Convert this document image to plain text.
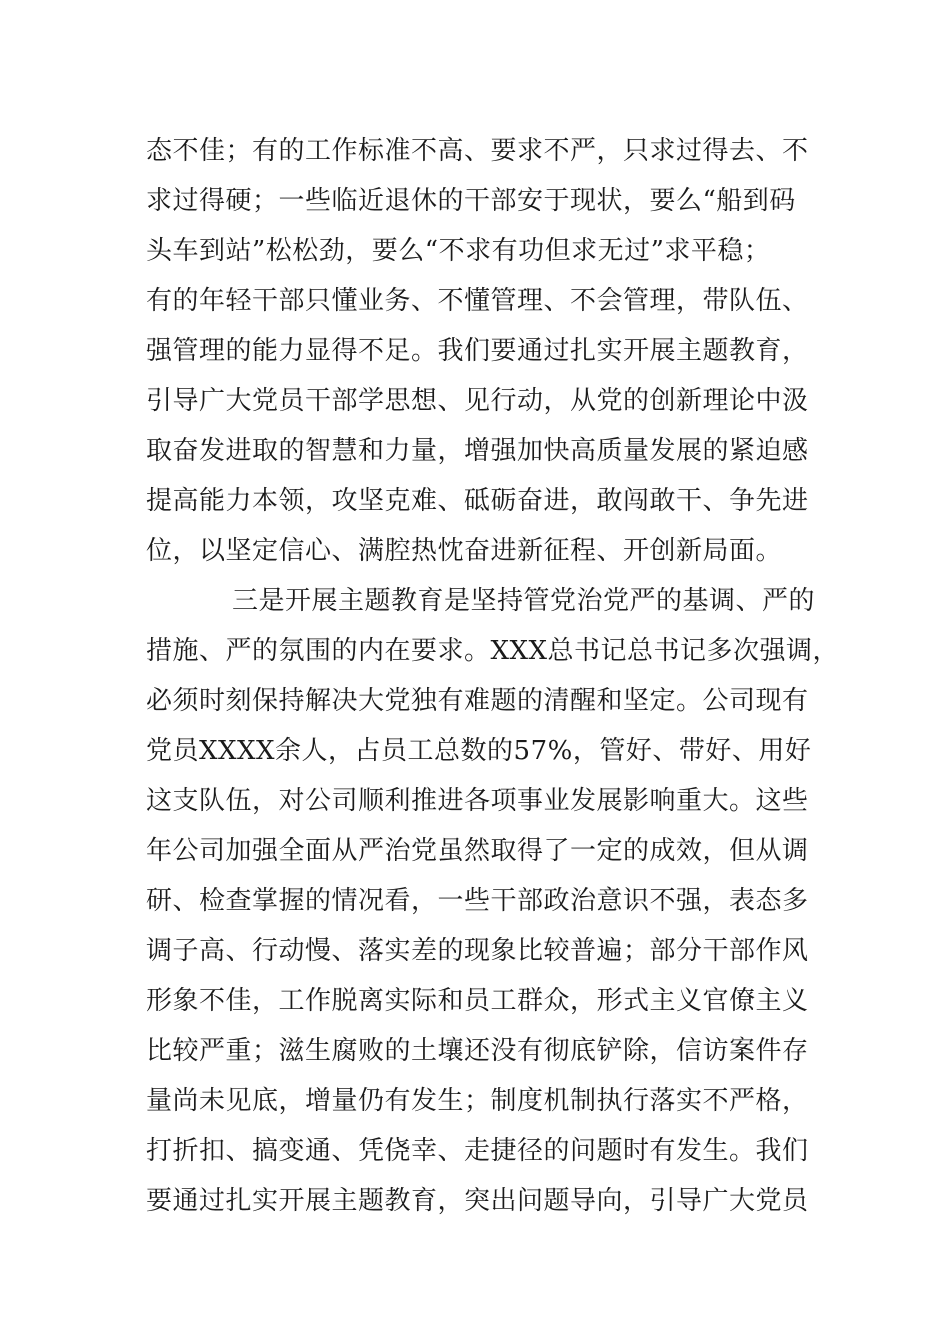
态不佳；有的工作标准不高、要求不严，只求过得去、不
求过得硬；一些临近退休的干部安于现状，要么“船到码
头车到站”松松劲，要么“不求有功但求无过”求平稳；
有的年轻干部只懂业务、不懂管理、不会管理，带队伍、
强管理的能力显得不足。我们要通过扎实开展主题教育，
引导广大党员干部学思想、见行动，从党的创新理论中汲
取奋发进取的智慧和力量，增强加快高质量发展的紧迫感
提高能力本领，攻坚克难、砥砺奋进，敢闯敢干、争先进
位，以坚定信心、满腔热忱奋进新征程、开创新局面。
三是开展主题教育是坚持管党治党严的基调、严的
措施、严的氛围的内在要求。XXX总书记总书记多次强调，
必须时刻保持解决大党独有难题的清醒和坚定。公司现有
党员XXXX余人，占员工总数的57%，管好、带好、用好
这支队伍，对公司顺利推进各项事业发展影响重大。这些
年公司加强全面从严治党虽然取得了一定的成效，但从调
研、检查掌握的情况看，一些干部政治意识不强，表态多
调子高、行动慢、落实差的现象比较普遍；部分干部作风
形象不佳，工作脱离实际和员工群众，形式主义官僚主义
比较严重；滋生腐败的土壤还没有彻底铲除，信访案件存
量尚未见底，增量仍有发生；制度机制执行落实不严格，
打折扣、搞变通、凭侥幸、走捷径的问题时有发生。我们
要通过扎实开展主题教育，突出问题导向，引导广大党员
